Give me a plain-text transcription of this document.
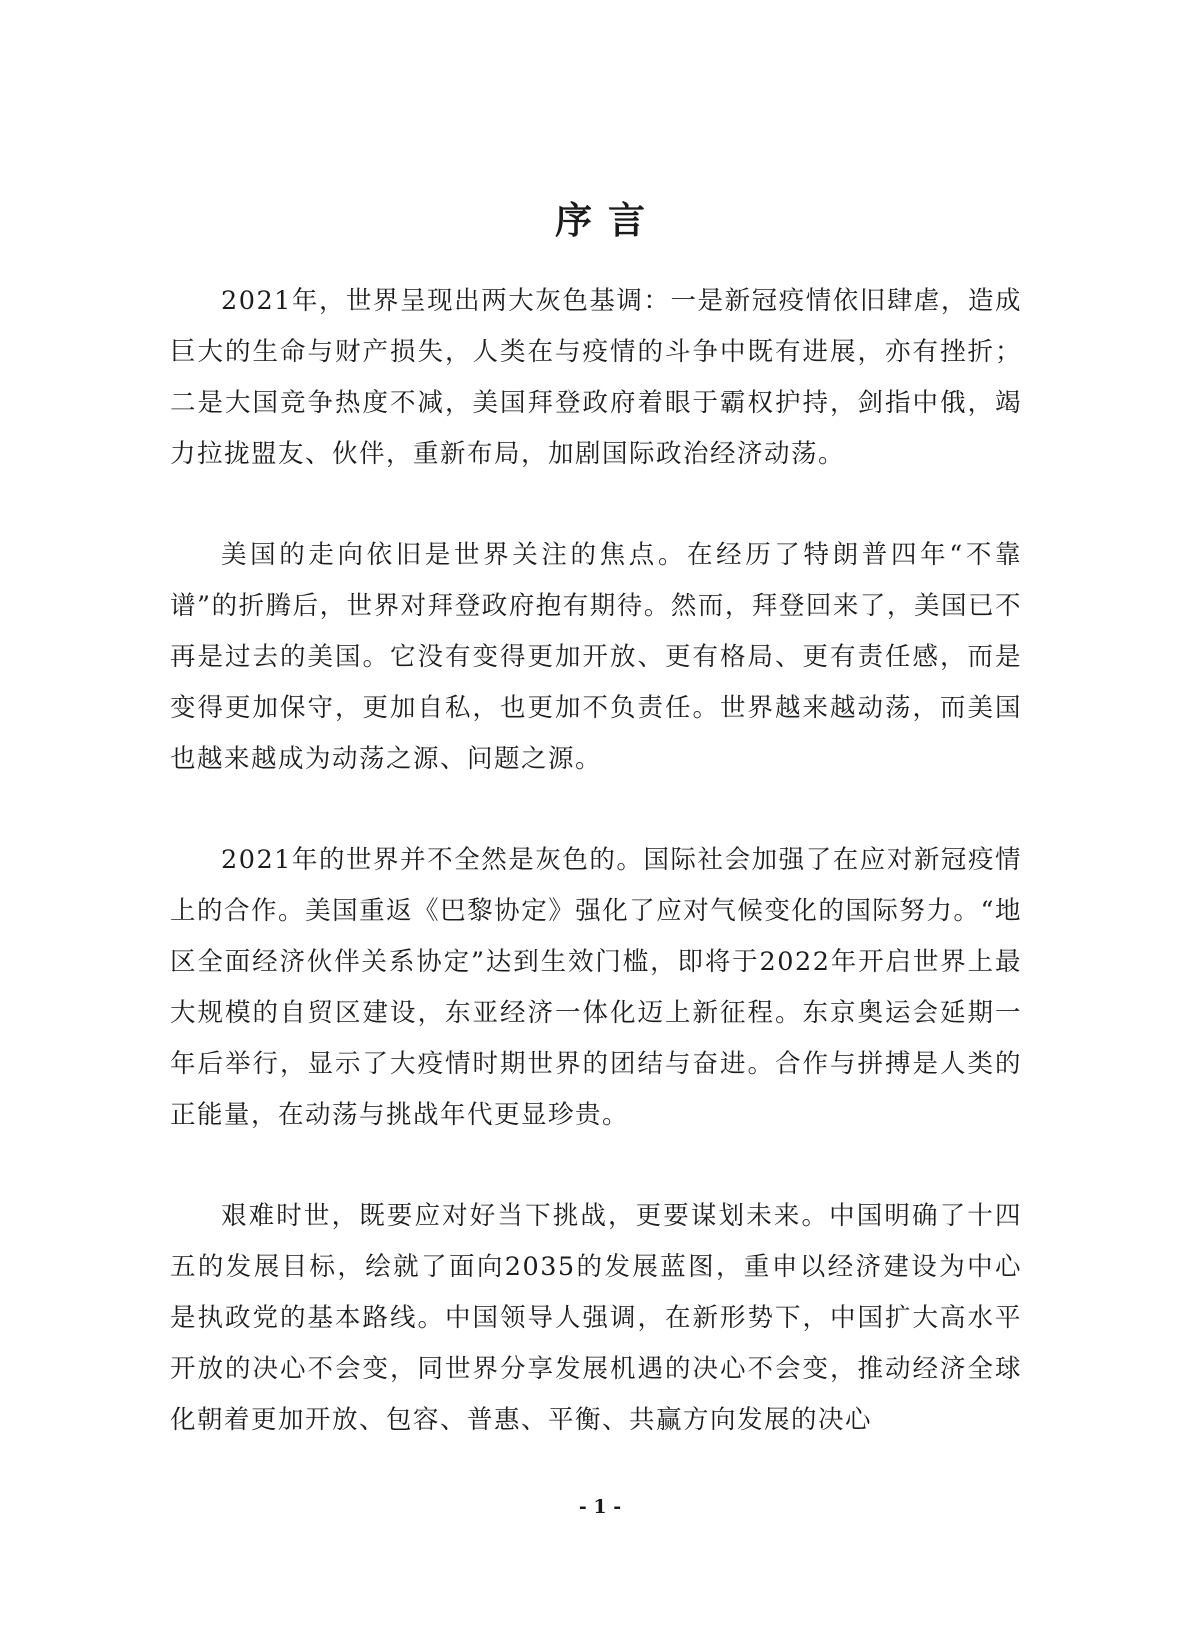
序言

2021年，世界呈现出两大灰色基调：一是新冠疫情依旧肆虐，造成巨大的生命与财产损失，人类在与疫情的斗争中既有进展，亦有挫折；二是大国竞争热度不减，美国拜登政府着眼于霸权护持，剑指中俄，竭力拉拢盟友、伙伴，重新布局，加剧国际政治经济动荡。

美国的走向依旧是世界关注的焦点。在经历了特朗普四年“不靠谱”的折腾后，世界对拜登政府抱有期待。然而，拜登回来了，美国已不再是过去的美国。它没有变得更加开放、更有格局、更有责任感，而是变得更加保守，更加自私，也更加不负责任。世界越来越动荡，而美国也越来越成为动荡之源、问题之源。

2021年的世界并不全然是灰色的。国际社会加强了在应对新冠疫情上的合作。美国重返《巴黎协定》强化了应对气候变化的国际努力。“地区全面经济伙伴关系协定”达到生效门槛，即将于2022年开启世界上最大规模的自贸区建设，东亚经济一体化迈上新征程。东京奥运会延期一年后举行，显示了大疫情时期世界的团结与奋进。合作与拼搏是人类的正能量，在动荡与挑战年代更显珍贵。

艰难时世，既要应对好当下挑战，更要谋划未来。中国明确了十四五的发展目标，绘就了面向2035的发展蓝图，重申以经济建设为中心是执政党的基本路线。中国领导人强调，在新形势下，中国扩大高水平开放的决心不会变，同世界分享发展机遇的决心不会变，推动经济全球化朝着更加开放、包容、普惠、平衡、共赢方向发展的决心

- 1 -
